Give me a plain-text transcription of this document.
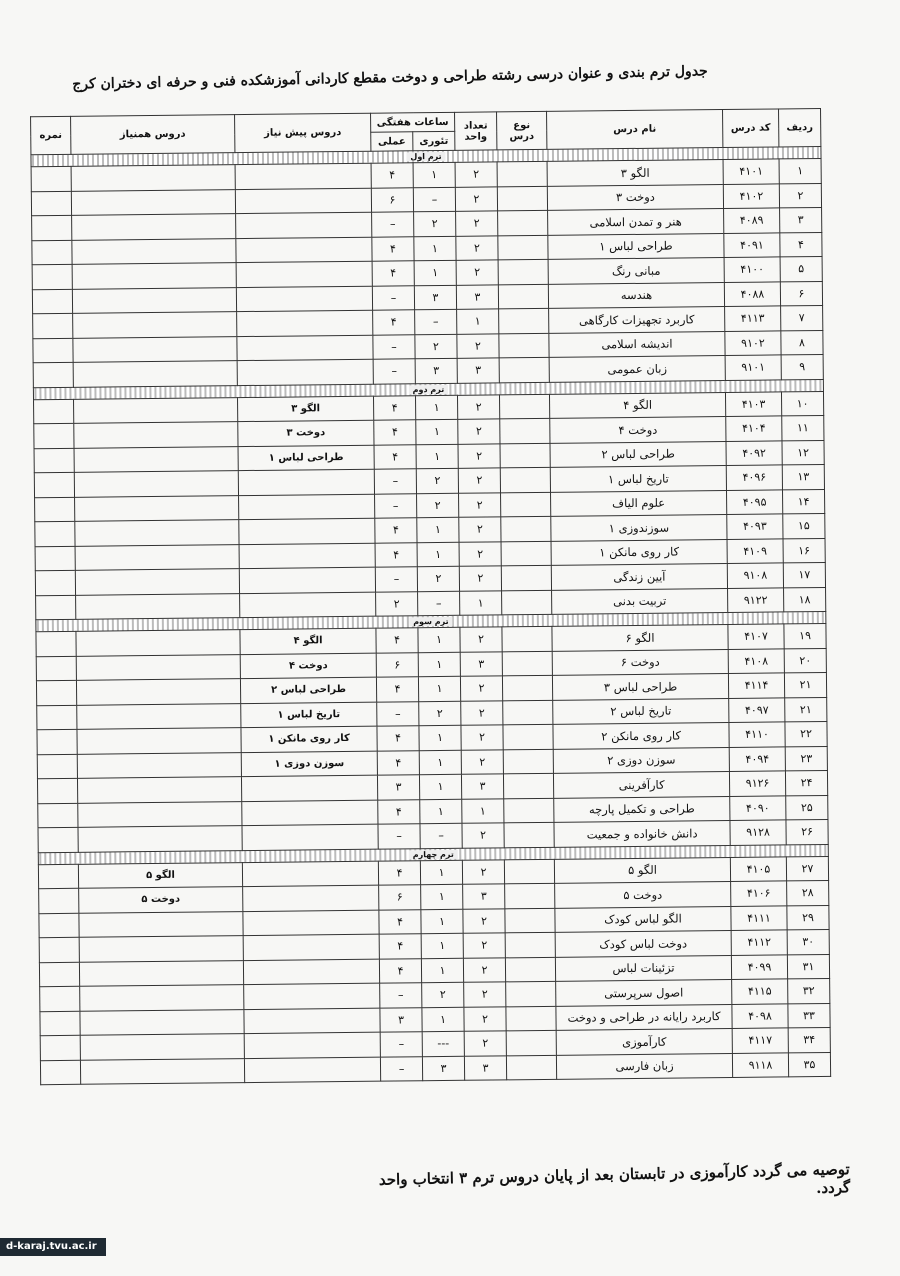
جدول ترم بندی و عنوان درسی رشته طراحی و دوخت مقطع کاردانی آموزشکده فنی و حرفه ای دختران کرج
ردیف	کد درس	نام درس	نوع درس	تعداد واحد	ساعات هفتگی		دروس پیش نیاز	دروس همنیاز	نمره
					تئوری	عملی			
ترم اول									
۱	۴۱۰۱	الگو ۳		۲	۱	۴			
۲	۴۱۰۲	دوخت ۳		۲	–	۶			
۳	۴۰۸۹	هنر و تمدن اسلامی		۲	۲	–			
۴	۴۰۹۱	طراحی لباس ۱		۲	۱	۴			
۵	۴۱۰۰	مبانی رنگ		۲	۱	۴			
۶	۴۰۸۸	هندسه		۳	۳	–			
۷	۴۱۱۳	کاربرد تجهیزات کارگاهی		۱	–	۴			
۸	۹۱۰۲	اندیشه اسلامی		۲	۲	–			
۹	۹۱۰۱	زبان عمومی		۳	۳	–			
ترم دوم									
۱۰	۴۱۰۳	الگو ۴		۲	۱	۴	الگو ۳		
۱۱	۴۱۰۴	دوخت ۴		۲	۱	۴	دوخت ۳		
۱۲	۴۰۹۲	طراحی لباس ۲		۲	۱	۴	طراحی لباس ۱		
۱۳	۴۰۹۶	تاریخ لباس ۱		۲	۲	–			
۱۴	۴۰۹۵	علوم الیاف		۲	۲	–			
۱۵	۴۰۹۳	سوزندوزی ۱		۲	۱	۴			
۱۶	۴۱۰۹	کار روی مانکن ۱		۲	۱	۴			
۱۷	۹۱۰۸	آیین زندگی		۲	۲	–			
۱۸	۹۱۲۲	تربیت بدنی		۱	–	۲			
ترم سوم									
۱۹	۴۱۰۷	الگو ۶		۲	۱	۴	الگو ۴		
۲۰	۴۱۰۸	دوخت ۶		۳	۱	۶	دوخت ۴		
۲۱	۴۱۱۴	طراحی لباس ۳		۲	۱	۴	طراحی لباس ۲		
۲۱	۴۰۹۷	تاریخ لباس ۲		۲	۲	–	تاریخ لباس ۱		
۲۲	۴۱۱۰	کار روی مانکن ۲		۲	۱	۴	کار روی مانکن ۱		
۲۳	۴۰۹۴	سوزن دوزی ۲		۲	۱	۴	سوزن دوزی ۱		
۲۴	۹۱۲۶	کارآفرینی		۳	۱	۳			
۲۵	۴۰۹۰	طراحی و تکمیل پارچه		۱	۱	۴			
۲۶	۹۱۲۸	دانش خانواده و جمعیت		۲	–	–			
ترم چهارم									
۲۷	۴۱۰۵	الگو ۵		۲	۱	۴		الگو ۵	
۲۸	۴۱۰۶	دوخت ۵		۳	۱	۶		دوخت ۵	
۲۹	۴۱۱۱	الگو لباس کودک		۲	۱	۴			
۳۰	۴۱۱۲	دوخت لباس کودک		۲	۱	۴			
۳۱	۴۰۹۹	تزئینات لباس		۲	۱	۴			
۳۲	۴۱۱۵	اصول سرپرستی		۲	۲	–			
۳۳	۴۰۹۸	کاربرد رایانه در طراحی و دوخت		۲	۱	۳			
۳۴	۴۱۱۷	کارآموزی		۲	---	–			
۳۵	۹۱۱۸	زبان فارسی		۳	۳	–			
توصیه می گردد کارآموزی در تابستان بعد از پایان دروس ترم ۳ انتخاب واحد گردد.
d-karaj.tvu.ac.ir
